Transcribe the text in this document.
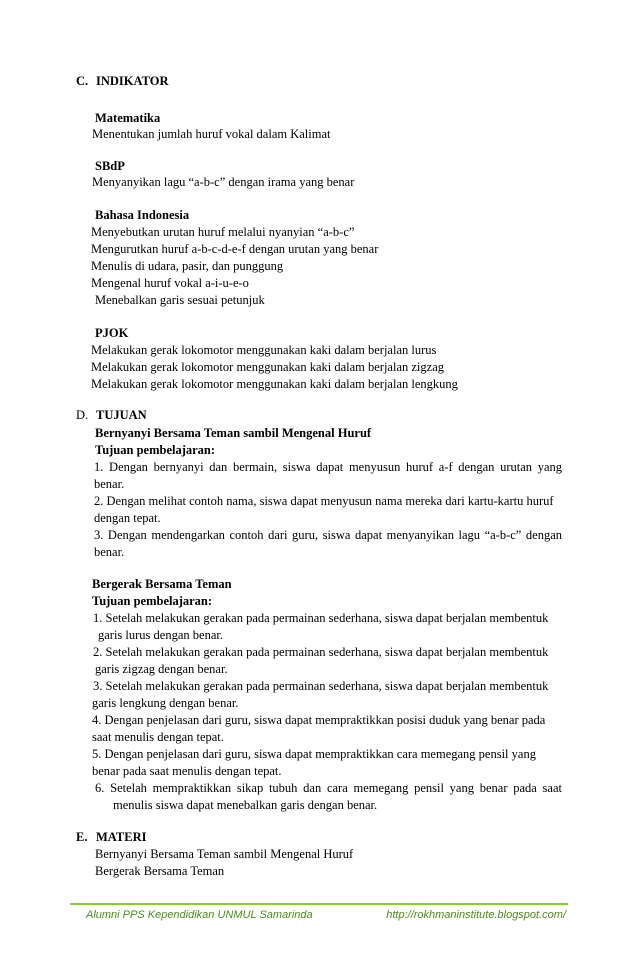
C. INDIKATOR
Matematika
Menentukan jumlah huruf vokal dalam Kalimat
SBdP
Menyanyikan lagu “a-b-c” dengan irama yang benar
Bahasa Indonesia
Menyebutkan urutan huruf melalui nyanyian “a-b-c”
Mengurutkan huruf a-b-c-d-e-f dengan urutan yang benar
Menulis di udara, pasir, dan punggung
Mengenal huruf vokal a-i-u-e-o
Menebalkan garis sesuai petunjuk
PJOK
Melakukan gerak lokomotor menggunakan kaki dalam berjalan lurus
Melakukan gerak lokomotor menggunakan kaki dalam berjalan zigzag
Melakukan gerak lokomotor menggunakan kaki dalam berjalan lengkung
D. TUJUAN
Bernyanyi Bersama Teman sambil Mengenal Huruf
Tujuan pembelajaran:
1. Dengan bernyanyi dan bermain, siswa dapat menyusun huruf a-f dengan urutan yang
benar.
2. Dengan melihat contoh nama, siswa dapat menyusun nama mereka dari kartu-kartu huruf
dengan tepat.
3. Dengan mendengarkan contoh dari guru, siswa dapat menyanyikan lagu “a-b-c” dengan
benar.
Bergerak Bersama Teman
Tujuan pembelajaran:
1. Setelah melakukan gerakan pada permainan sederhana, siswa dapat berjalan membentuk
garis lurus dengan benar.
2. Setelah melakukan gerakan pada permainan sederhana, siswa dapat berjalan membentuk
garis zigzag dengan benar.
3. Setelah melakukan gerakan pada permainan sederhana, siswa dapat berjalan membentuk
garis lengkung dengan benar.
4. Dengan penjelasan dari guru, siswa dapat mempraktikkan posisi duduk yang benar pada
saat menulis dengan tepat.
5. Dengan penjelasan dari guru, siswa dapat mempraktikkan cara memegang pensil yang
benar pada saat menulis dengan tepat.
6. Setelah mempraktikkan sikap tubuh dan cara memegang pensil yang benar pada saat
menulis siswa dapat menebalkan garis dengan benar.
E. MATERI
Bernyanyi Bersama Teman sambil Mengenal Huruf
Bergerak Bersama Teman
Alumni PPS Kependidikan UNMUL Samarinda	http://rokhmaninstitute.blogspot.com/
